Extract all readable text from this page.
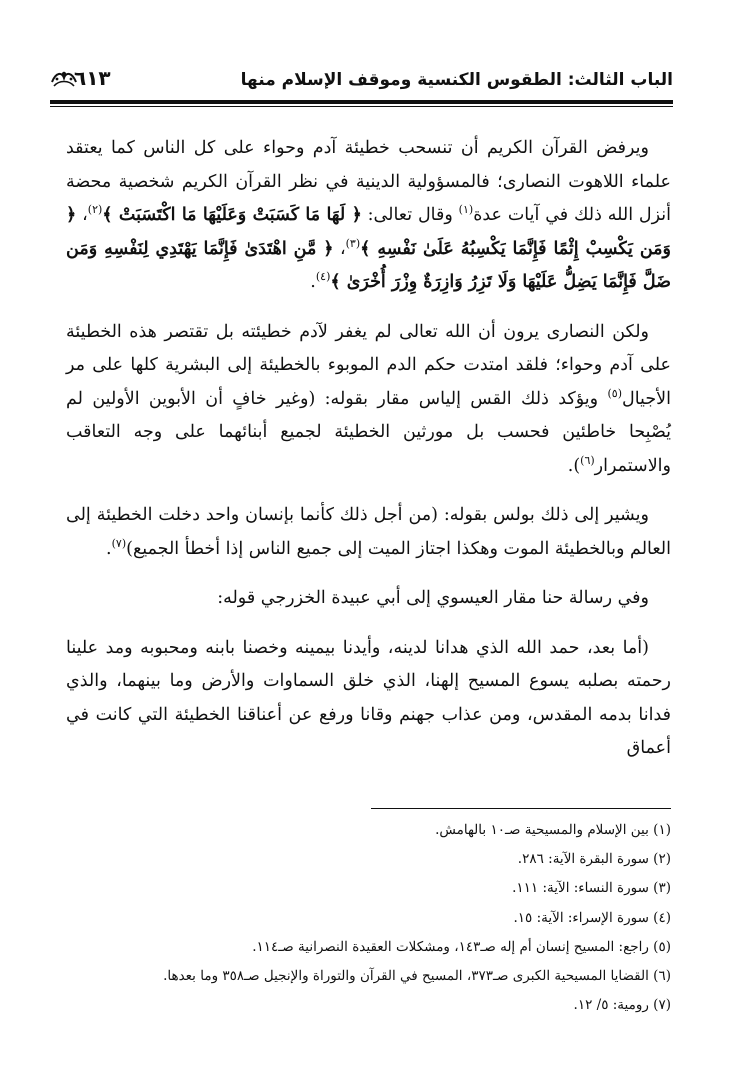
الباب الثالث: الطقوس الكنسية وموقف الإسلام منها
٦١٣

ويرفض القرآن الكريم أن تنسحب خطيئة آدم وحواء على كل الناس كما يعتقد علماء اللاهوت النصارى؛ فالمسؤولية الدينية في نظر القرآن الكريم شخصية محضة أنزل الله ذلك في آيات عدة$^{(١)}$ وقال تعالى: ﴿ لَهَا مَا كَسَبَتْ وَعَلَيْهَا مَا اكْتَسَبَتْ ﴾$^{(٢)}$، ﴿ وَمَن يَكْسِبْ إِثْمًا فَإِنَّمَا يَكْسِبُهُ عَلَىٰ نَفْسِهِ ﴾$^{(٣)}$، ﴿ مَّنِ اهْتَدَىٰ فَإِنَّمَا يَهْتَدِي لِنَفْسِهِ وَمَن ضَلَّ فَإِنَّمَا يَضِلُّ عَلَيْهَا وَلَا تَزِرُ وَازِرَةٌ وِزْرَ أُخْرَىٰ ﴾$^{(٤)}$.

ولكن النصارى يرون أن الله تعالى لم يغفر لآدم خطيئته بل تقتصر هذه الخطيئة على آدم وحواء؛ فلقد امتدت حكم الدم الموبوء بالخطيئة إلى البشرية كلها على مر الأجيال$^{(٥)}$ ويؤكد ذلك القس إلياس مقار بقوله: (وغير خافٍ أن الأبوين الأولين لم يُصْبِحا خاطئين فحسب بل مورثين الخطيئة لجميع أبنائهما على وجه التعاقب والاستمرار$^{(٦)}$).

ويشير إلى ذلك بولس بقوله: (من أجل ذلك كأنما بإنسان واحد دخلت الخطيئة إلى العالم وبالخطيئة الموت وهكذا اجتاز الميت إلى جميع الناس إذا أخطأ الجميع)$^{(٧)}$.

وفي رسالة حنا مقار العيسوي إلى أبي عبيدة الخزرجي قوله:

(أما بعد، حمد الله الذي هدانا لدينه، وأيدنا بيمينه وخصنا بابنه ومحبوبه ومد علينا رحمته بصلبه يسوع المسيح إلهنا، الذي خلق السماوات والأرض وما بينهما، والذي فدانا بدمه المقدس، ومن عذاب جهنم وقانا ورفع عن أعناقنا الخطيئة التي كانت في أعماق

(١) بين الإسلام والمسيحية صـ١٠ بالهامش.

(٢) سورة البقرة الآية: ٢٨٦.

(٣) سورة النساء: الآية: ١١١.

(٤) سورة الإسراء: الآية: ١٥.

(٥) راجع: المسيح إنسان أم إله صـ١٤٣، ومشكلات العقيدة النصرانية صـ١١٤.

(٦) القضايا المسيحية الكبرى صـ٣٧٣، المسيح في القرآن والتوراة والإنجيل صـ٣٥٨ وما بعدها.

(٧) رومية: ٥/ ١٢.
